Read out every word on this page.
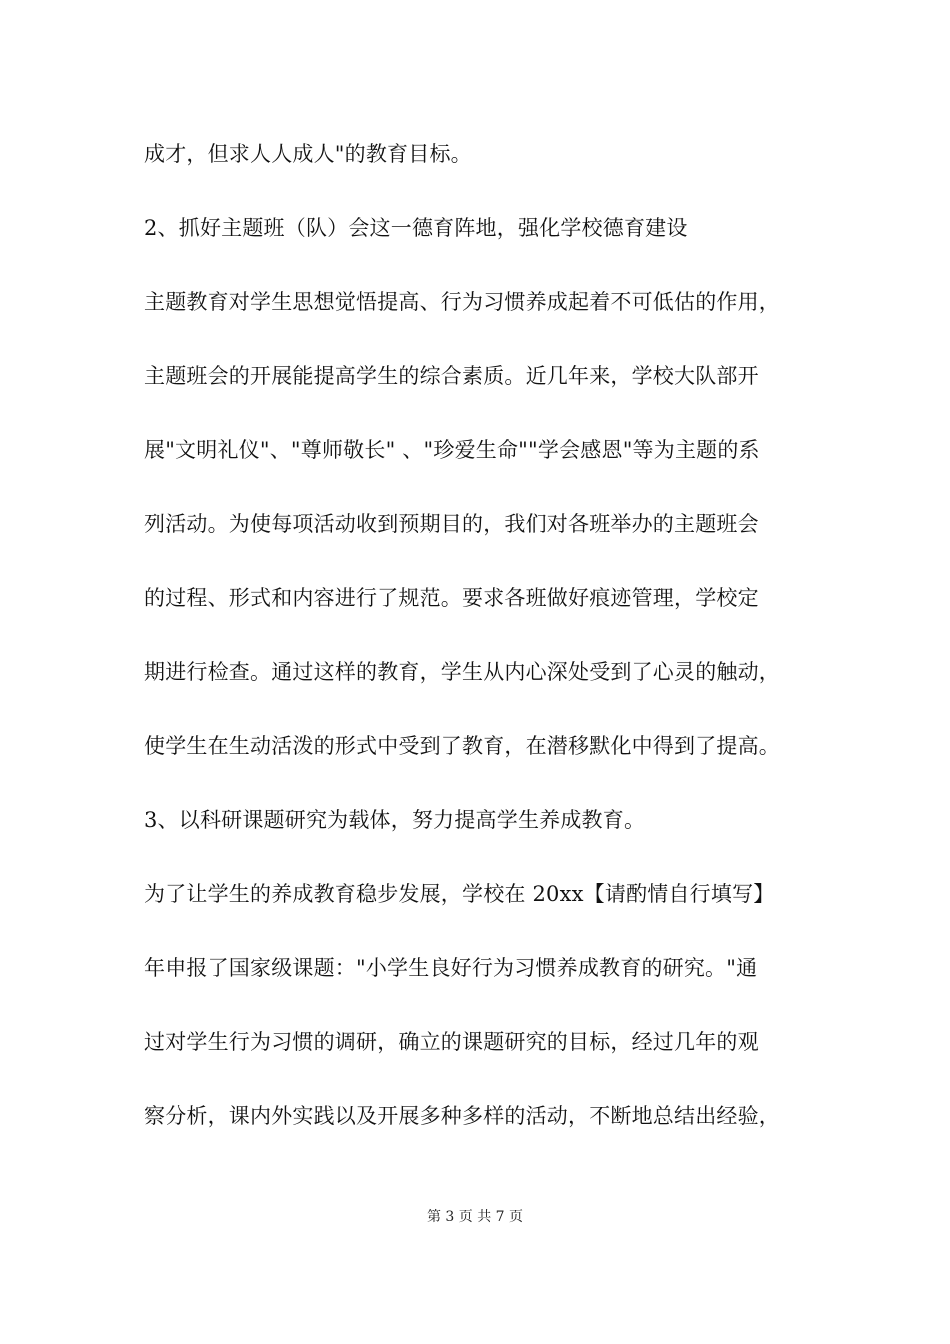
成才，但求人人成人"的教育目标。
2、抓好主题班（队）会这一德育阵地，强化学校德育建设
主题教育对学生思想觉悟提高、行为习惯养成起着不可低估的作用，
主题班会的开展能提高学生的综合素质。近几年来，学校大队部开
展"文明礼仪"、"尊师敬长" 、"珍爱生命""学会感恩"等为主题的系
列活动。为使每项活动收到预期目的，我们对各班举办的主题班会
的过程、形式和内容进行了规范。要求各班做好痕迹管理，学校定
期进行检查。通过这样的教育，学生从内心深处受到了心灵的触动，
使学生在生动活泼的形式中受到了教育，在潜移默化中得到了提高。
3、以科研课题研究为载体，努力提高学生养成教育。
为了让学生的养成教育稳步发展，学校在 20xx【请酌情自行填写】
年申报了国家级课题："小学生良好行为习惯养成教育的研究。"通
过对学生行为习惯的调研，确立的课题研究的目标，经过几年的观
察分析，课内外实践以及开展多种多样的活动，不断地总结出经验，
第 3 页 共 7 页
